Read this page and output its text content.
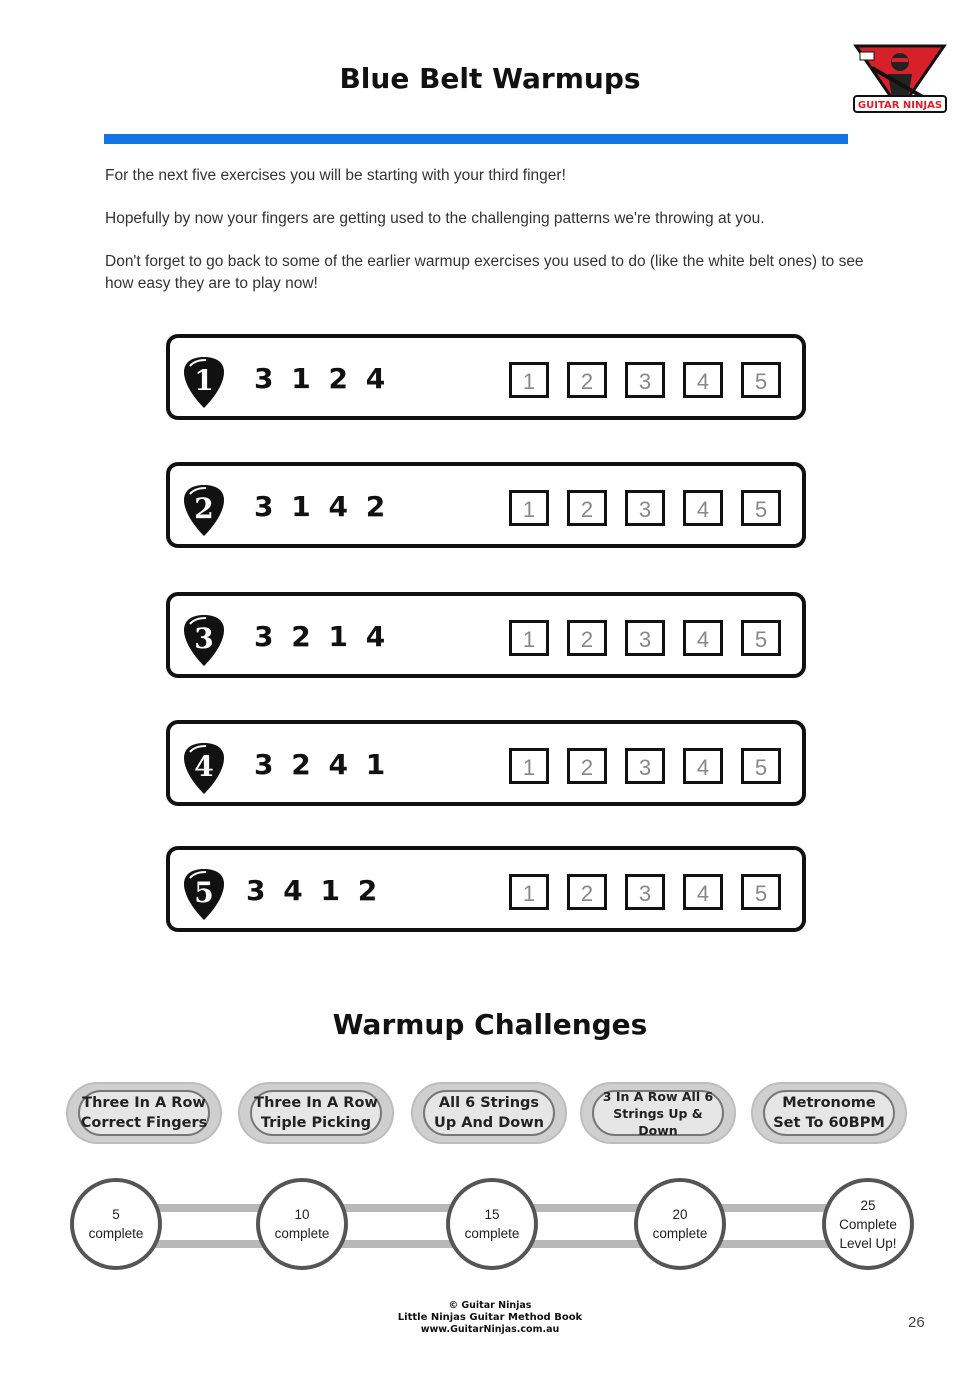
Blue Belt Warmups
GUITAR NINJAS
For the next five exercises you will be starting with your third finger!
Hopefully by now your fingers are getting used to the challenging patterns we're throwing at you.
Don't forget to go back to some of the earlier warmup exercises you used to do (like the white belt ones) to see how easy they are to play now!
1 3 1 2 4	1	2	3	4	5
2 3 1 4 2	1	2	3	4	5
3 3 2 1 4	1	2	3	4	5
4 3 2 4 1	1	2	3	4	5
5 3 4 1 2	1	2	3	4	5
Warmup Challenges
Three In A Row
Correct Fingers
Three In A Row
Triple Picking
All 6 Strings
Up And Down
3 In A Row All 6
Strings Up & Down
Metronome
Set To 60BPM
5
complete
10
complete
15
complete
20
complete
25
Complete
Level Up!
© Guitar Ninjas
Little Ninjas Guitar Method Book
www.GuitarNinjas.com.au	26
